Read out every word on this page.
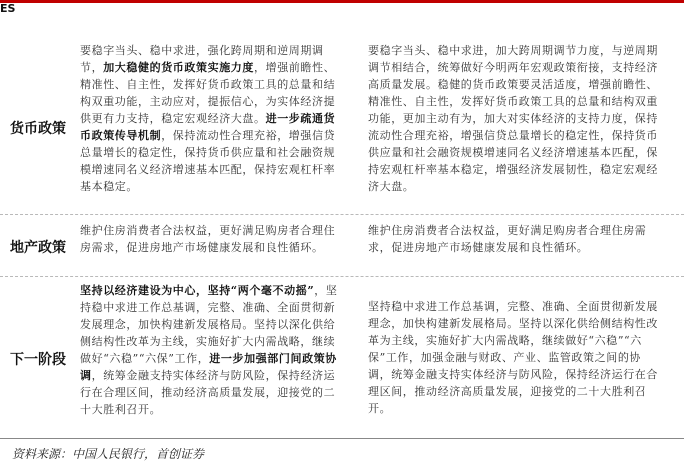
ES
货币政策
要稳字当头、稳中求进，强化跨周期和逆周期调节，加大稳健的货币政策实施力度，增强前瞻性、精准性、自主性，发挥好货币政策工具的总量和结构双重功能，主动应对，提振信心，为实体经济提供更有力支持，稳定宏观经济大盘。进一步疏通货币政策传导机制，保持流动性合理充裕，增强信贷总量增长的稳定性，保持货币供应量和社会融资规模增速同名义经济增速基本匹配，保持宏观杠杆率基本稳定。
要稳字当头、稳中求进，加大跨周期调节力度，与逆周期调节相结合，统筹做好今明两年宏观政策衔接，支持经济高质量发展。稳健的货币政策要灵活适度，增强前瞻性、精准性、自主性，发挥好货币政策工具的总量和结构双重功能，更加主动有为，加大对实体经济的支持力度，保持流动性合理充裕，增强信贷总量增长的稳定性，保持货币供应量和社会融资规模增速同名义经济增速基本匹配，保持宏观杠杆率基本稳定，增强经济发展韧性，稳定宏观经济大盘。
地产政策
维护住房消费者合法权益，更好满足购房者合理住房需求，促进房地产市场健康发展和良性循环。
维护住房消费者合法权益，更好满足购房者合理住房需求，促进房地产市场健康发展和良性循环。
下一阶段
坚持以经济建设为中心，坚持“两个毫不动摇”，坚持稳中求进工作总基调，完整、准确、全面贯彻新发展理念，加快构建新发展格局。坚持以深化供给侧结构性改革为主线，实施好扩大内需战略，继续做好“六稳”“六保”工作，进一步加强部门间政策协调，统筹金融支持实体经济与防风险，保持经济运行在合理区间，推动经济高质量发展，迎接党的二十大胜利召开。
坚持稳中求进工作总基调，完整、准确、全面贯彻新发展理念，加快构建新发展格局。坚持以深化供给侧结构性改革为主线，实施好扩大内需战略，继续做好“六稳”“六保”工作，加强金融与财政、产业、监管政策之间的协调，统筹金融支持实体经济与防风险，保持经济运行在合理区间，推动经济高质量发展，迎接党的二十大胜利召开。
资料来源：中国人民银行，首创证券
